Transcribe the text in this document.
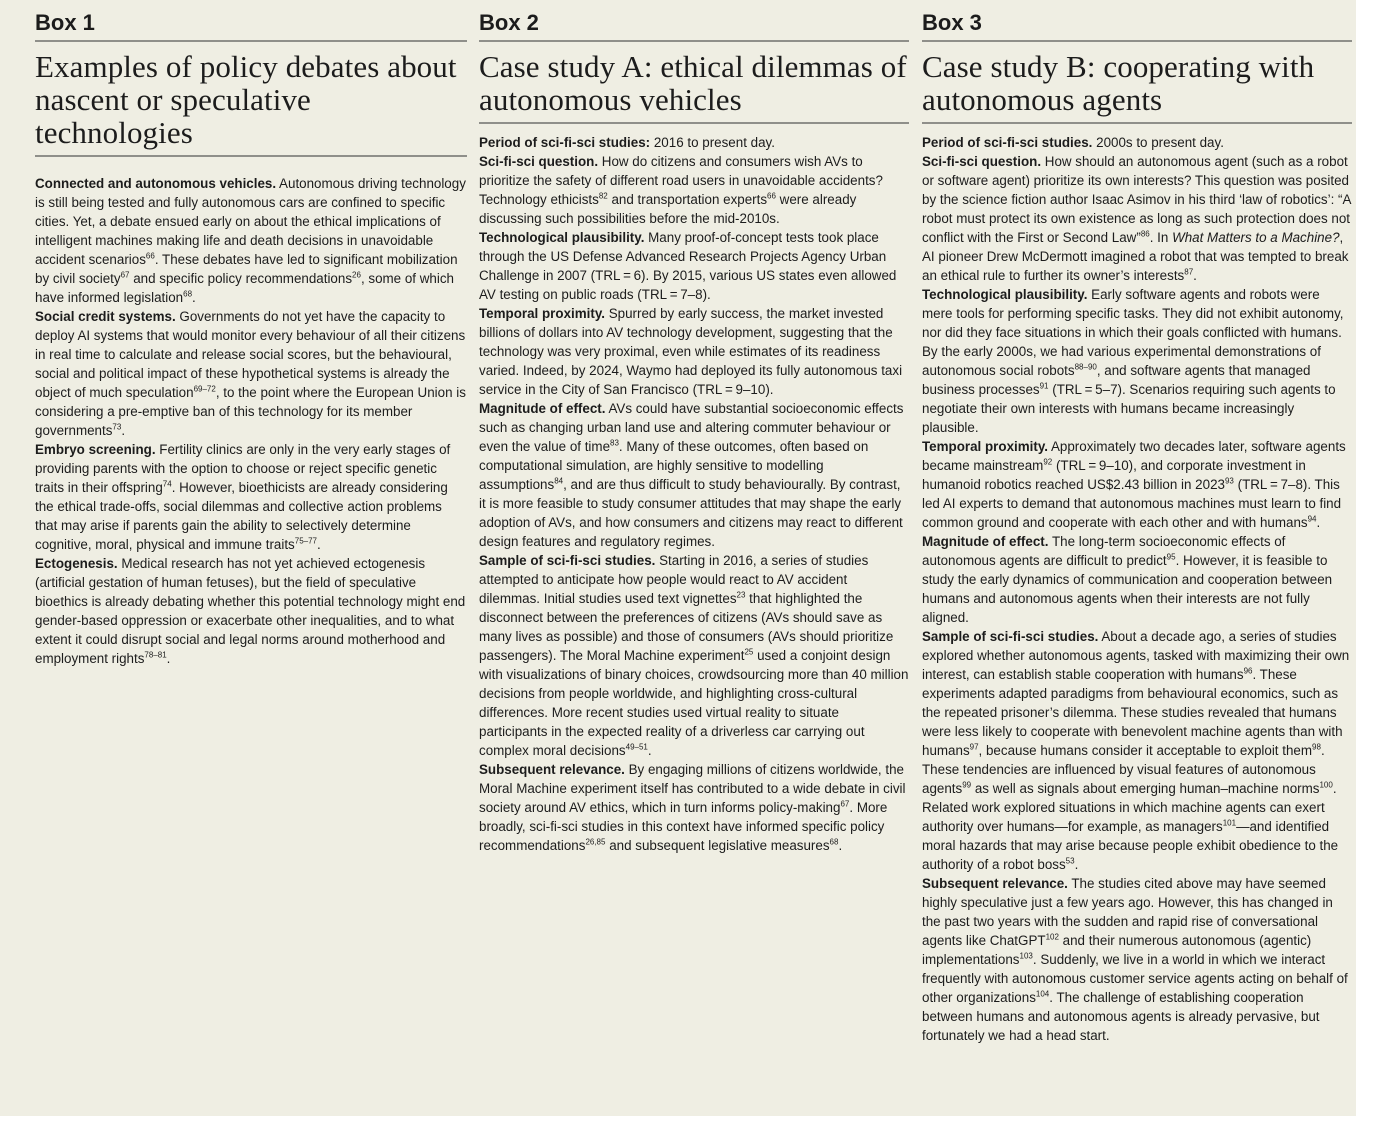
Box 1
Examples of policy debates about nascent or speculative technologies

Connected and autonomous vehicles. Autonomous driving technology is still being tested and fully autonomous cars are confined to specific cities. Yet, a debate ensued early on about the ethical implications of intelligent machines making life and death decisions in unavoidable accident scenarios$^{66}$. These debates have led to significant mobilization by civil society$^{67}$ and specific policy recommendations$^{26}$, some of which have informed legislation$^{68}$.

Social credit systems. Governments do not yet have the capacity to deploy AI systems that would monitor every behaviour of all their citizens in real time to calculate and release social scores, but the behavioural, social and political impact of these hypothetical systems is already the object of much speculation$^{69-72}$, to the point where the European Union is considering a pre-emptive ban of this technology for its member governments$^{73}$.

Embryo screening. Fertility clinics are only in the very early stages of providing parents with the option to choose or reject specific genetic traits in their offspring$^{74}$. However, bioethicists are already considering the ethical trade-offs, social dilemmas and collective action problems that may arise if parents gain the ability to selectively determine cognitive, moral, physical and immune traits$^{75-77}$.

Ectogenesis. Medical research has not yet achieved ectogenesis (artificial gestation of human fetuses), but the field of speculative bioethics is already debating whether this potential technology might end gender-based oppression or exacerbate other inequalities, and to what extent it could disrupt social and legal norms around motherhood and employment rights$^{78-81}$.

Box 2
Case study A: ethical dilemmas of autonomous vehicles

Period of sci-fi-sci studies: 2016 to present day.

Sci-fi-sci question. How do citizens and consumers wish AVs to prioritize the safety of different road users in unavoidable accidents? Technology ethicists$^{82}$ and transportation experts$^{66}$ were already discussing such possibilities before the mid-2010s.

Technological plausibility. Many proof-of-concept tests took place through the US Defense Advanced Research Projects Agency Urban Challenge in 2007 (TRL = 6). By 2015, various US states even allowed AV testing on public roads (TRL = 7–8).

Temporal proximity. Spurred by early success, the market invested billions of dollars into AV technology development, suggesting that the technology was very proximal, even while estimates of its readiness varied. Indeed, by 2024, Waymo had deployed its fully autonomous taxi service in the City of San Francisco (TRL = 9–10).

Magnitude of effect. AVs could have substantial socioeconomic effects such as changing urban land use and altering commuter behaviour or even the value of time$^{83}$. Many of these outcomes, often based on computational simulation, are highly sensitive to modelling assumptions$^{84}$, and are thus difficult to study behaviourally. By contrast, it is more feasible to study consumer attitudes that may shape the early adoption of AVs, and how consumers and citizens may react to different design features and regulatory regimes.

Sample of sci-fi-sci studies. Starting in 2016, a series of studies attempted to anticipate how people would react to AV accident dilemmas. Initial studies used text vignettes$^{23}$ that highlighted the disconnect between the preferences of citizens (AVs should save as many lives as possible) and those of consumers (AVs should prioritize passengers). The Moral Machine experiment$^{25}$ used a conjoint design with visualizations of binary choices, crowdsourcing more than 40 million decisions from people worldwide, and highlighting cross-cultural differences. More recent studies used virtual reality to situate participants in the expected reality of a driverless car carrying out complex moral decisions$^{49-51}$.

Subsequent relevance. By engaging millions of citizens worldwide, the Moral Machine experiment itself has contributed to a wide debate in civil society around AV ethics, which in turn informs policy-making$^{67}$. More broadly, sci-fi-sci studies in this context have informed specific policy recommendations$^{26,85}$ and subsequent legislative measures$^{68}$.

Box 3
Case study B: cooperating with autonomous agents

Period of sci-fi-sci studies. 2000s to present day.

Sci-fi-sci question. How should an autonomous agent (such as a robot or software agent) prioritize its own interests? This question was posited by the science fiction author Isaac Asimov in his third ‘law of robotics’: “A robot must protect its own existence as long as such protection does not conflict with the First or Second Law”$^{86}$. In What Matters to a Machine?, AI pioneer Drew McDermott imagined a robot that was tempted to break an ethical rule to further its owner’s interests$^{87}$.

Technological plausibility. Early software agents and robots were mere tools for performing specific tasks. They did not exhibit autonomy, nor did they face situations in which their goals conflicted with humans. By the early 2000s, we had various experimental demonstrations of autonomous social robots$^{88-90}$, and software agents that managed business processes$^{91}$ (TRL = 5–7). Scenarios requiring such agents to negotiate their own interests with humans became increasingly plausible.

Temporal proximity. Approximately two decades later, software agents became mainstream$^{92}$ (TRL = 9–10), and corporate investment in humanoid robotics reached US$2.43 billion in 2023$^{93}$ (TRL = 7–8). This led AI experts to demand that autonomous machines must learn to find common ground and cooperate with each other and with humans$^{94}$.

Magnitude of effect. The long-term socioeconomic effects of autonomous agents are difficult to predict$^{95}$. However, it is feasible to study the early dynamics of communication and cooperation between humans and autonomous agents when their interests are not fully aligned.

Sample of sci-fi-sci studies. About a decade ago, a series of studies explored whether autonomous agents, tasked with maximizing their own interest, can establish stable cooperation with humans$^{96}$. These experiments adapted paradigms from behavioural economics, such as the repeated prisoner’s dilemma. These studies revealed that humans were less likely to cooperate with benevolent machine agents than with humans$^{97}$, because humans consider it acceptable to exploit them$^{98}$. These tendencies are influenced by visual features of autonomous agents$^{99}$ as well as signals about emerging human–machine norms$^{100}$. Related work explored situations in which machine agents can exert authority over humans—for example, as managers$^{101}$—and identified moral hazards that may arise because people exhibit obedience to the authority of a robot boss$^{53}$.

Subsequent relevance. The studies cited above may have seemed highly speculative just a few years ago. However, this has changed in the past two years with the sudden and rapid rise of conversational agents like ChatGPT$^{102}$ and their numerous autonomous (agentic) implementations$^{103}$. Suddenly, we live in a world in which we interact frequently with autonomous customer service agents acting on behalf of other organizations$^{104}$. The challenge of establishing cooperation between humans and autonomous agents is already pervasive, but fortunately we had a head start.
